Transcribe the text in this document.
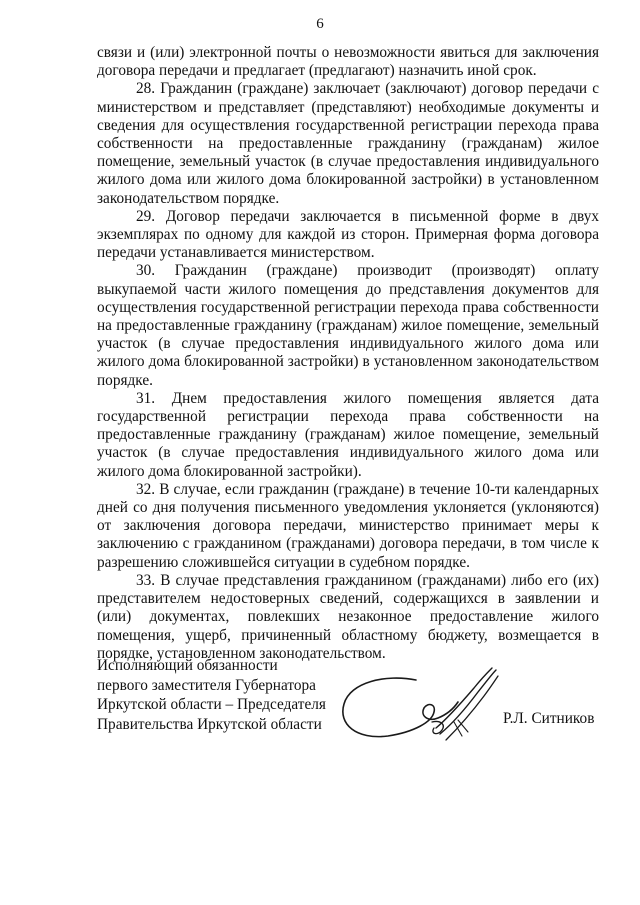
6

связи и (или) электронной почты о невозможности явиться для заключения договора передачи и предлагает (предлагают) назначить иной срок.

28. Гражданин (граждане) заключает (заключают) договор передачи с министерством и представляет (представляют) необходимые документы и сведения для осуществления государственной регистрации перехода права собственности на предоставленные гражданину (гражданам) жилое помещение, земельный участок (в случае предоставления индивидуального жилого дома или жилого дома блокированной застройки) в установленном законодательством порядке.

29. Договор передачи заключается в письменной форме в двух экземплярах по одному для каждой из сторон. Примерная форма договора передачи устанавливается министерством.

30. Гражданин (граждане) производит (производят) оплату выкупаемой части жилого помещения до представления документов для осуществления государственной регистрации перехода права собственности на предоставленные гражданину (гражданам) жилое помещение, земельный участок (в случае предоставления индивидуального жилого дома или жилого дома блокированной застройки) в установленном законодательством порядке.

31. Днем предоставления жилого помещения является дата государственной регистрации перехода права собственности на предоставленные гражданину (гражданам) жилое помещение, земельный участок (в случае предоставления индивидуального жилого дома или жилого дома блокированной застройки).

32. В случае, если гражданин (граждане) в течение 10-ти календарных дней со дня получения письменного уведомления уклоняется (уклоняются) от заключения договора передачи, министерство принимает меры к заключению с гражданином (гражданами) договора передачи, в том числе к разрешению сложившейся ситуации в судебном порядке.

33. В случае представления гражданином (гражданами) либо его (их) представителем недостоверных сведений, содержащихся в заявлении и (или) документах, повлекших незаконное предоставление жилого помещения, ущерб, причиненный областному бюджету, возмещается в порядке, установленном законодательством.

Исполняющий обязанности
первого заместителя Губернатора
Иркутской области – Председателя
Правительства Иркутской области	Р.Л. Ситников
